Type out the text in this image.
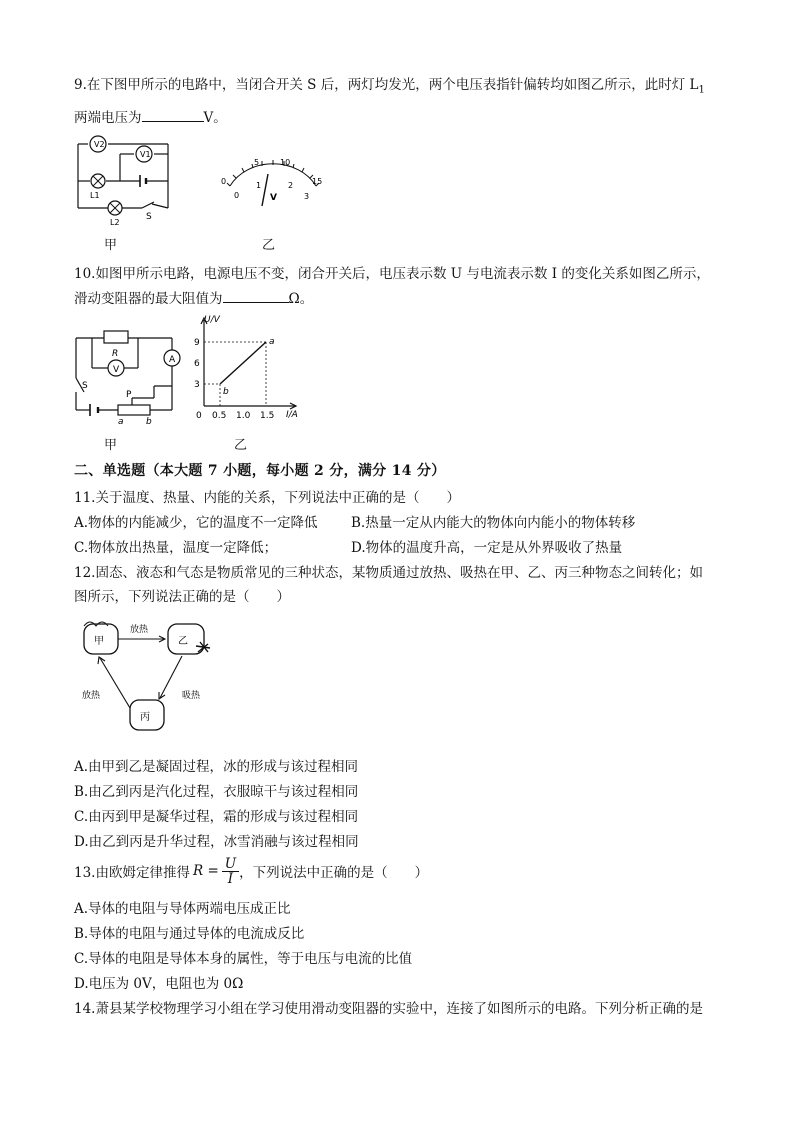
9.在下图甲所示的电路中，当闭合开关 S 后，两灯均发光，两个电压表指针偏转均如图乙所示，此时灯 $L_1$
两端电压为	V。
V2
V1
L1
L2
S
甲
0
5	10
15
0
1	2
3
V
乙
10.如图甲所示电路，电源电压不变，闭合开关后，电压表示数 U 与电流表示数 I 的变化关系如图乙所示，
滑动变阻器的最大阻值为	Ω。
R
V
A
S
P
a b
甲
U/V
I/A
3
6
9
0 0.5 1.0 1.5
a
b
乙
二、单选题（本大题 7 小题，每小题 2 分，满分 14 分）
11.关于温度、热量、内能的关系，下列说法中正确的是（　　）
A.物体的内能减少，它的温度不一定降低 B.热量一定从内能大的物体向内能小的物体转移
C.物体放出热量，温度一定降低；	D.物体的温度升高，一定是从外界吸收了热量
12.固态、液态和气态是物质常见的三种状态，某物质通过放热、吸热在甲、乙、丙三种物态之间转化；如
图所示，下列说法正确的是（　　）
甲	乙
丙
放热
放热	吸热
A.由甲到乙是凝固过程，冰的形成与该过程相同
B.由乙到丙是汽化过程，衣服晾干与该过程相同
C.由丙到甲是凝华过程，霜的形成与该过程相同
D.由乙到丙是升华过程，冰雪消融与该过程相同
13.由欧姆定律推得 $R = \frac{U}{I}$ ，下列说法中正确的是（　　）
A.导体的电阻与导体两端电压成正比
B.导体的电阻与通过导体的电流成反比
C.导体的电阻是导体本身的属性，等于电压与电流的比值
D.电压为 0V，电阻也为 0Ω
14.萧县某学校物理学习小组在学习使用滑动变阻器的实验中，连接了如图所示的电路。下列分析正确的是
